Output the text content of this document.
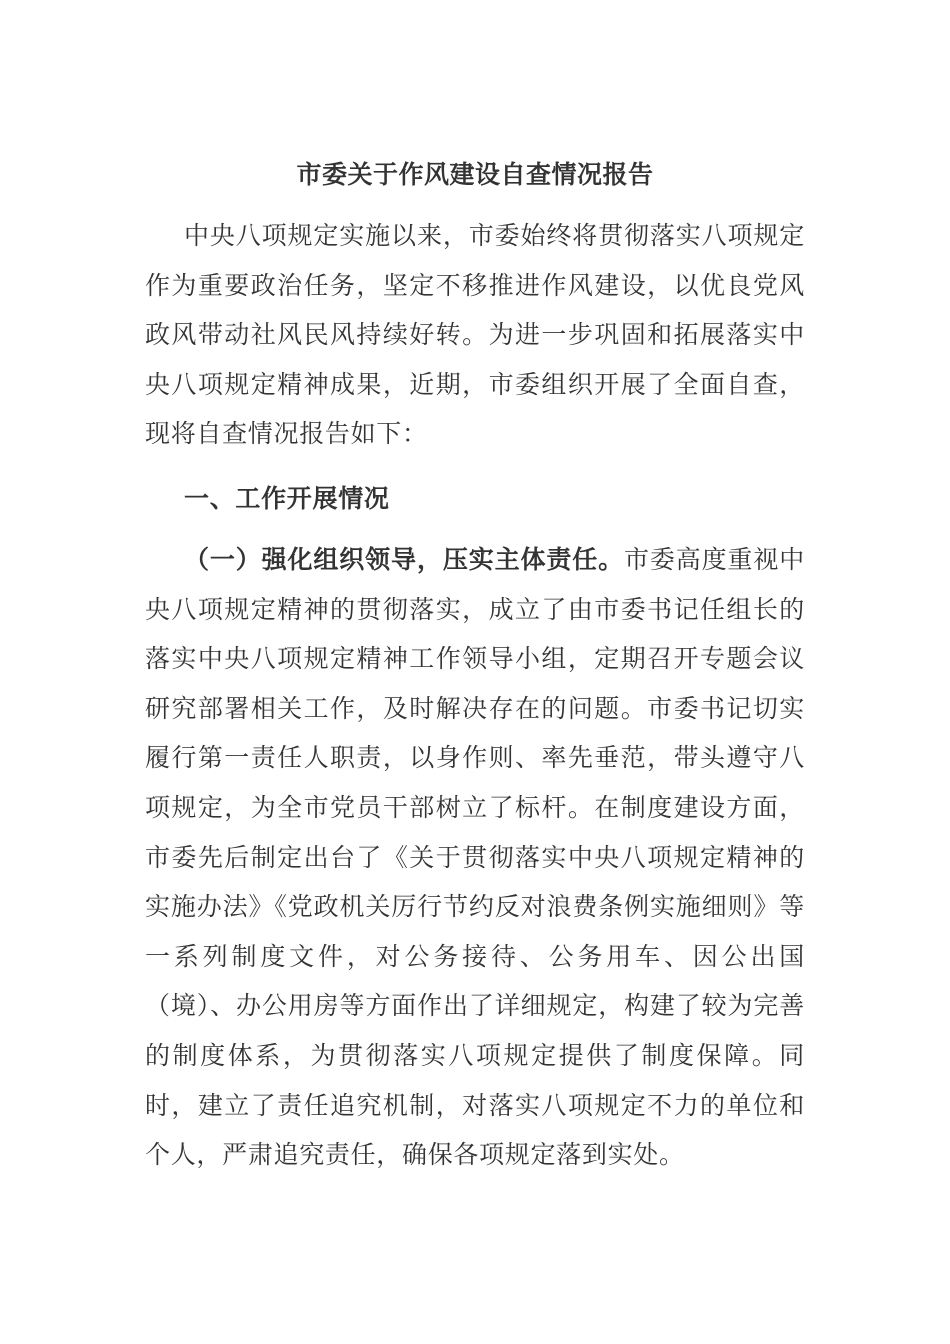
市委关于作风建设自查情况报告

中央八项规定实施以来，市委始终将贯彻落实八项规定作为重要政治任务，坚定不移推进作风建设，以优良党风政风带动社风民风持续好转。为进一步巩固和拓展落实中央八项规定精神成果，近期，市委组织开展了全面自查，现将自查情况报告如下：

一、工作开展情况

（一）强化组织领导，压实主体责任。市委高度重视中央八项规定精神的贯彻落实，成立了由市委书记任组长的落实中央八项规定精神工作领导小组，定期召开专题会议研究部署相关工作，及时解决存在的问题。市委书记切实履行第一责任人职责，以身作则、率先垂范，带头遵守八项规定，为全市党员干部树立了标杆。在制度建设方面，市委先后制定出台了《关于贯彻落实中央八项规定精神的实施办法》《党政机关厉行节约反对浪费条例实施细则》等一系列制度文件，对公务接待、公务用车、因公出国（境）、办公用房等方面作出了详细规定，构建了较为完善的制度体系，为贯彻落实八项规定提供了制度保障。同时，建立了责任追究机制，对落实八项规定不力的单位和个人，严肃追究责任，确保各项规定落到实处。
